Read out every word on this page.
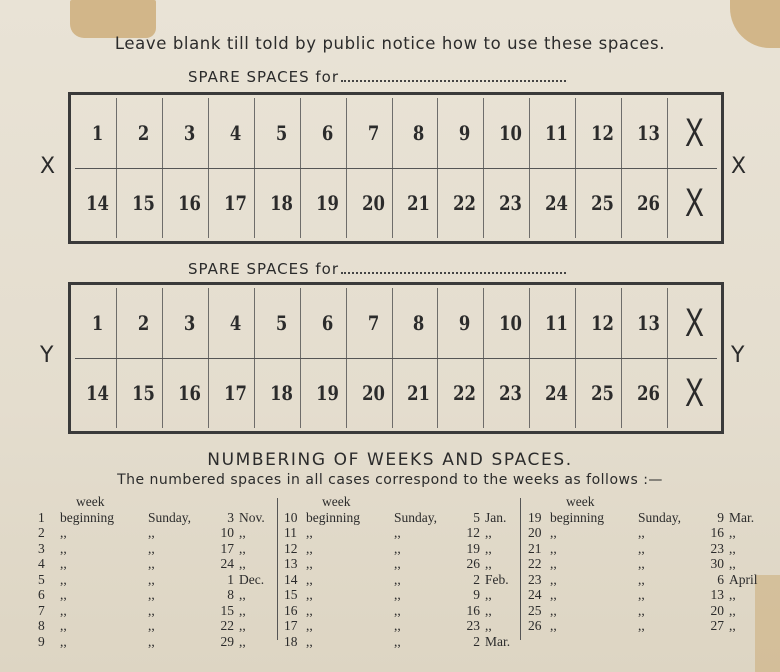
Leave blank till told by public notice how to use these spaces.
SPARE SPACES for
SPARE SPACES for
X	X
Y	Y
1	2	3	4	5	6	7	8	9	10	11	12	13 X
14	15	16	17	18	19	20	21	22	23	24	25	26 X
1	2	3	4	5	6	7	8	9	10	11	12	13 X
14	15	16	17	18	19	20	21	22	23	24	25	26 X
NUMBERING OF WEEKS AND SPACES.
The numbered spaces in all cases correspond to the weeks as follows :—
week
1	beginning	Sunday,	3 Nov.
2	,,	,,	10 ,,
3	,,	,,	17 ,,
4	,,	,,	24 ,,
5	,,	,,	1 Dec.
6	,,	,,	8 ,,
7	,,	,,	15 ,,
8	,,	,,	22 ,,
9	,,	,,	29 ,,
week
10 beginning	Sunday,	5 Jan.
11 ,,	,,	12 ,,
12 ,,	,,	19 ,,
13 ,,	,,	26 ,,
14 ,,	,,	2 Feb.
15 ,,	,,	9 ,,
16 ,,	,,	16 ,,
17 ,,	,,	23 ,,
18 ,,	,,	2 Mar.
week
19 beginning	Sunday,	9 Mar.
20 ,,	,,	16 ,,
21 ,,	,,	23 ,,
22 ,,	,,	30 ,,
23 ,,	,,	6 April
24 ,,	,,	13 ,,
25 ,,	,,	20 ,,
26 ,,	,,	27 ,,
